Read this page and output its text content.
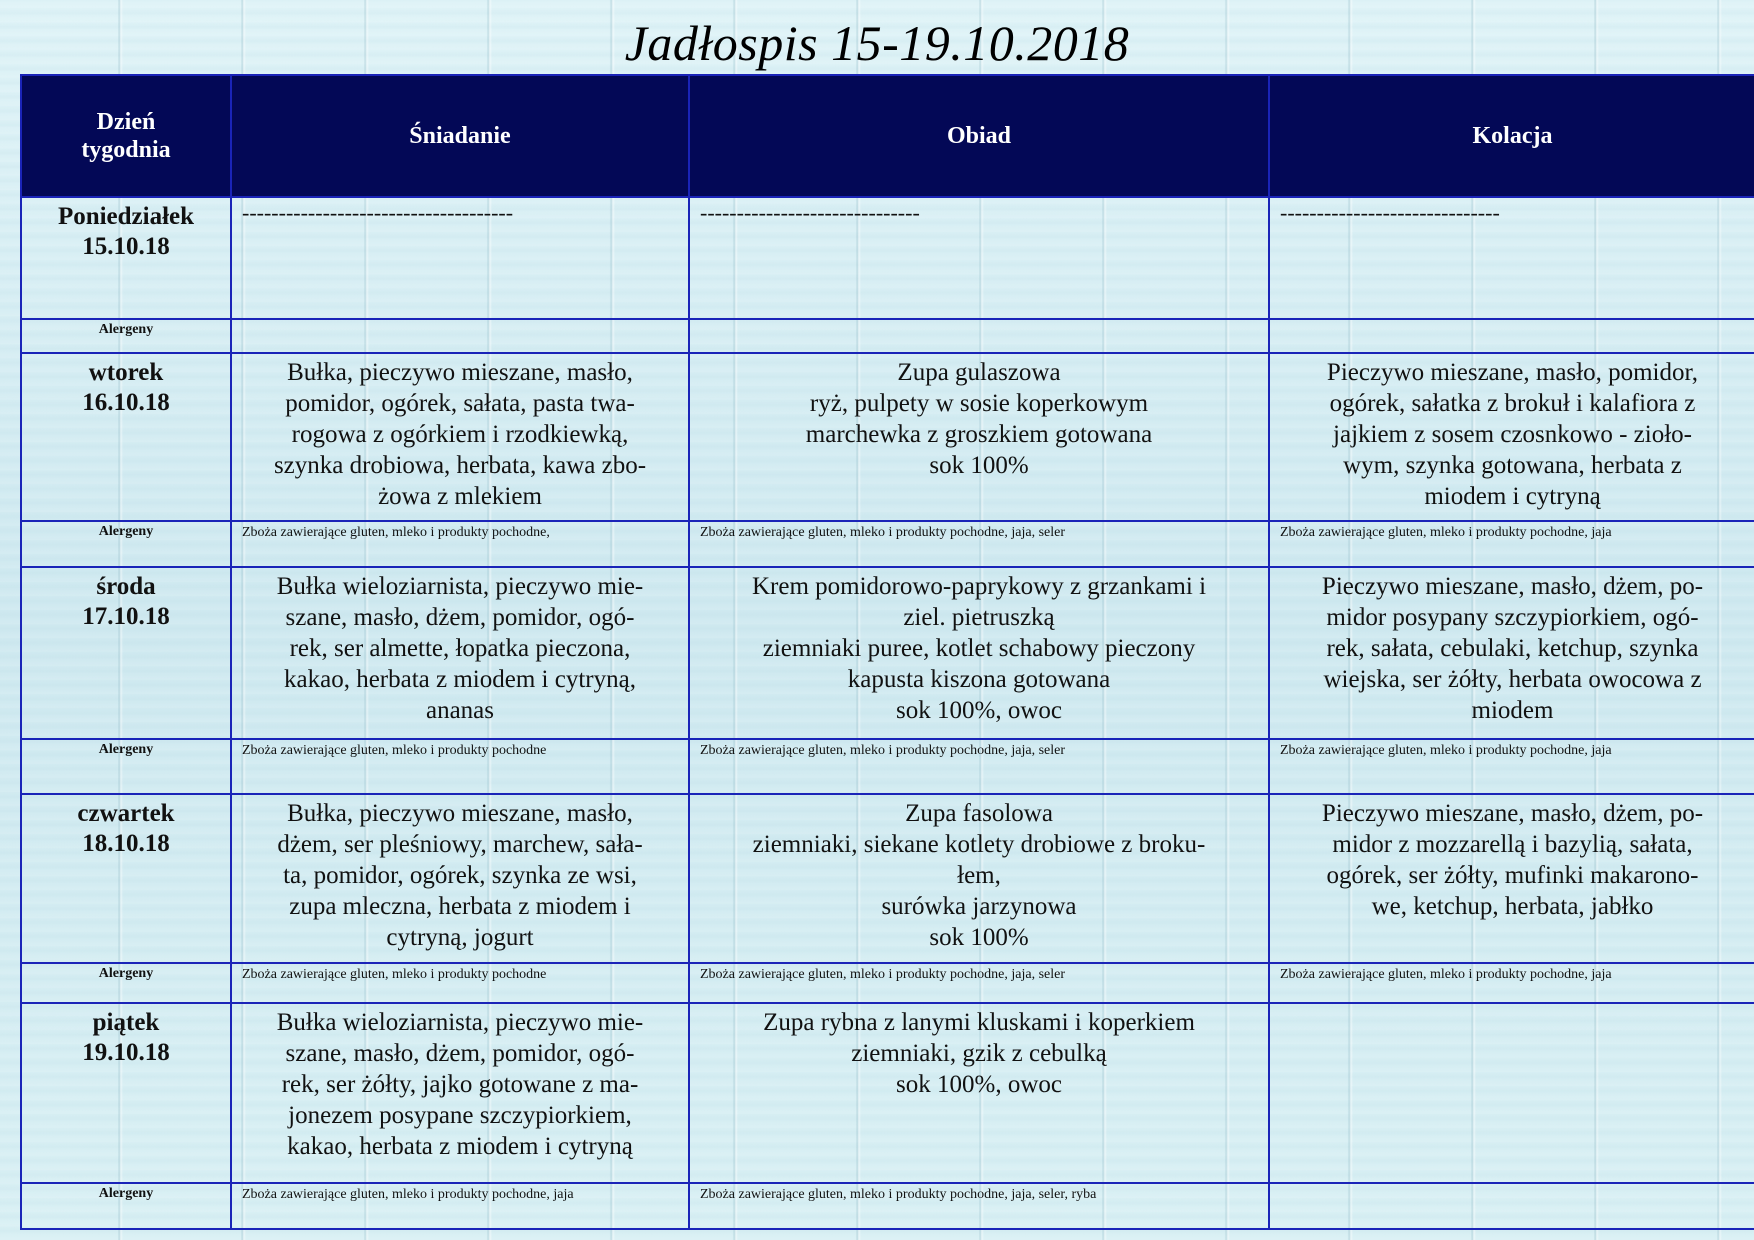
Jadłospis 15-19.10.2018
Dzień
tygodnia	Śniadanie	Obiad	Kolacja
Poniedziałek
15.10.18	-------------------------------------	------------------------------	------------------------------
Alergeny			
wtorek
16.10.18	Bułka, pieczywo mieszane, masło,
pomidor, ogórek, sałata, pasta twa-
rogowa z ogórkiem i rzodkiewką,
szynka drobiowa, herbata, kawa zbo-
żowa z mlekiem	Zupa gulaszowa
ryż, pulpety w sosie koperkowym
marchewka z groszkiem gotowana
sok 100%	Pieczywo mieszane, masło, pomidor,
ogórek, sałatka z brokuł i kalafiora z
jajkiem z sosem czosnkowo - zioło-
wym, szynka gotowana, herbata z
miodem i cytryną

Alergeny	Zboża zawierające gluten, mleko i produkty pochodne,	Zboża zawierające gluten, mleko i produkty pochodne, jaja, seler	Zboża zawierające gluten, mleko i produkty pochodne, jaja
środa
17.10.18	Bułka wieloziarnista, pieczywo mie-
szane, masło, dżem, pomidor, ogó-
rek, ser almette, łopatka pieczona,
kakao, herbata z miodem i cytryną,
ananas	Krem pomidorowo-paprykowy z grzankami i
ziel. pietruszką
ziemniaki puree, kotlet schabowy pieczony
kapusta kiszona gotowana
sok 100%, owoc	Pieczywo mieszane, masło, dżem, po-
midor posypany szczypiorkiem, ogó-
rek, sałata, cebulaki, ketchup, szynka
wiejska, ser żółty, herbata owocowa z
miodem

Alergeny	Zboża zawierające gluten, mleko i produkty pochodne	Zboża zawierające gluten, mleko i produkty pochodne, jaja, seler	Zboża zawierające gluten, mleko i produkty pochodne, jaja
czwartek
18.10.18	Bułka, pieczywo mieszane, masło,
dżem, ser pleśniowy, marchew, sała-
ta, pomidor, ogórek, szynka ze wsi,
zupa mleczna, herbata z miodem i
cytryną, jogurt	Zupa fasolowa
ziemniaki, siekane kotlety drobiowe z broku-
łem,
surówka jarzynowa
sok 100%	Pieczywo mieszane, masło, dżem, po-
midor z mozzarellą i bazylią, sałata,
ogórek, ser żółty, mufinki makarono-
we, ketchup, herbata, jabłko

Alergeny	Zboża zawierające gluten, mleko i produkty pochodne	Zboża zawierające gluten, mleko i produkty pochodne, jaja, seler	Zboża zawierające gluten, mleko i produkty pochodne, jaja
piątek
19.10.18	Bułka wieloziarnista, pieczywo mie-
szane, masło, dżem, pomidor, ogó-
rek, ser żółty, jajko gotowane z ma-
jonezem posypane szczypiorkiem,
kakao, herbata z miodem i cytryną	Zupa rybna z lanymi kluskami i koperkiem
ziemniaki, gzik z cebulką
sok 100%, owoc	

Alergeny	Zboża zawierające gluten, mleko i produkty pochodne, jaja	Zboża zawierające gluten, mleko i produkty pochodne, jaja, seler, ryba	
